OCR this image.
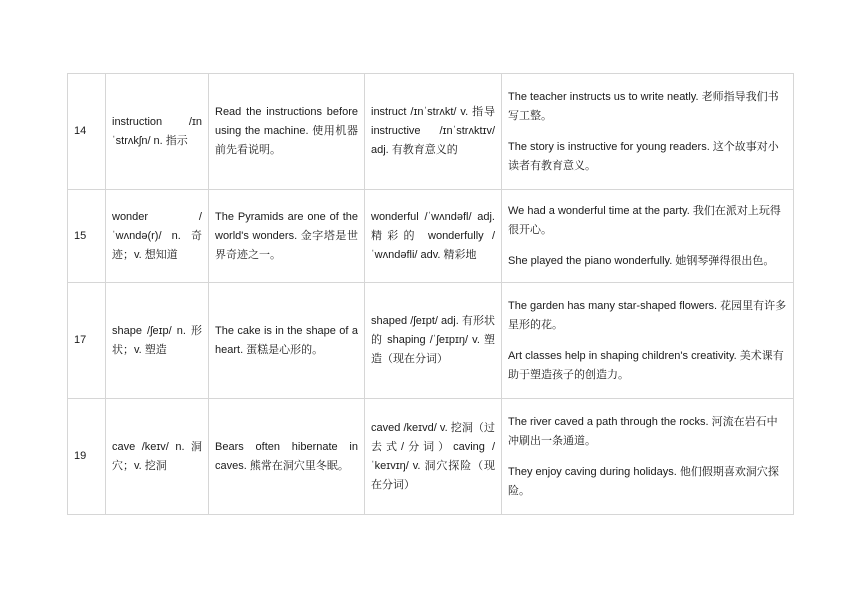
14	instruction /ɪnˈstrʌkʃn/ n. 指示	Read the instructions before using the machine. 使用机器前先看说明。	instruct /ɪnˈstrʌkt/ v. 指导 instructive /ɪnˈstrʌktɪv/ adj. 有教育意义的	The teacher instructs us to write neatly. 老师指导我们书写工整。

The story is instructive for young readers. 这个故事对小读者有教育意义。

15	wonder /ˈwʌndə(r)/ n. 奇迹；v. 想知道	The Pyramids are one of the world's wonders. 金字塔是世界奇迹之一。	wonderful /ˈwʌndəfl/ adj. 精彩的 wonderfully /ˈwʌndəfli/ adv. 精彩地	We had a wonderful time at the party. 我们在派对上玩得很开心。

She played the piano wonderfully. 她钢琴弹得很出色。

17	shape /ʃeɪp/ n. 形状；v. 塑造	The cake is in the shape of a heart. 蛋糕是心形的。	shaped /ʃeɪpt/ adj. 有形状的 shaping /ˈʃeɪpɪŋ/ v. 塑造（现在分词）	The garden has many star-shaped flowers. 花园里有许多星形的花。

Art classes help in shaping children's creativity. 美术课有助于塑造孩子的创造力。

19	cave /keɪv/ n. 洞穴；v. 挖洞	Bears often hibernate in caves. 熊常在洞穴里冬眠。	caved /keɪvd/ v. 挖洞（过去式/分词）caving /ˈkeɪvɪŋ/ v. 洞穴探险（现在分词）	The river caved a path through the rocks. 河流在岩石中冲刷出一条通道。

They enjoy caving during holidays. 他们假期喜欢洞穴探险。
